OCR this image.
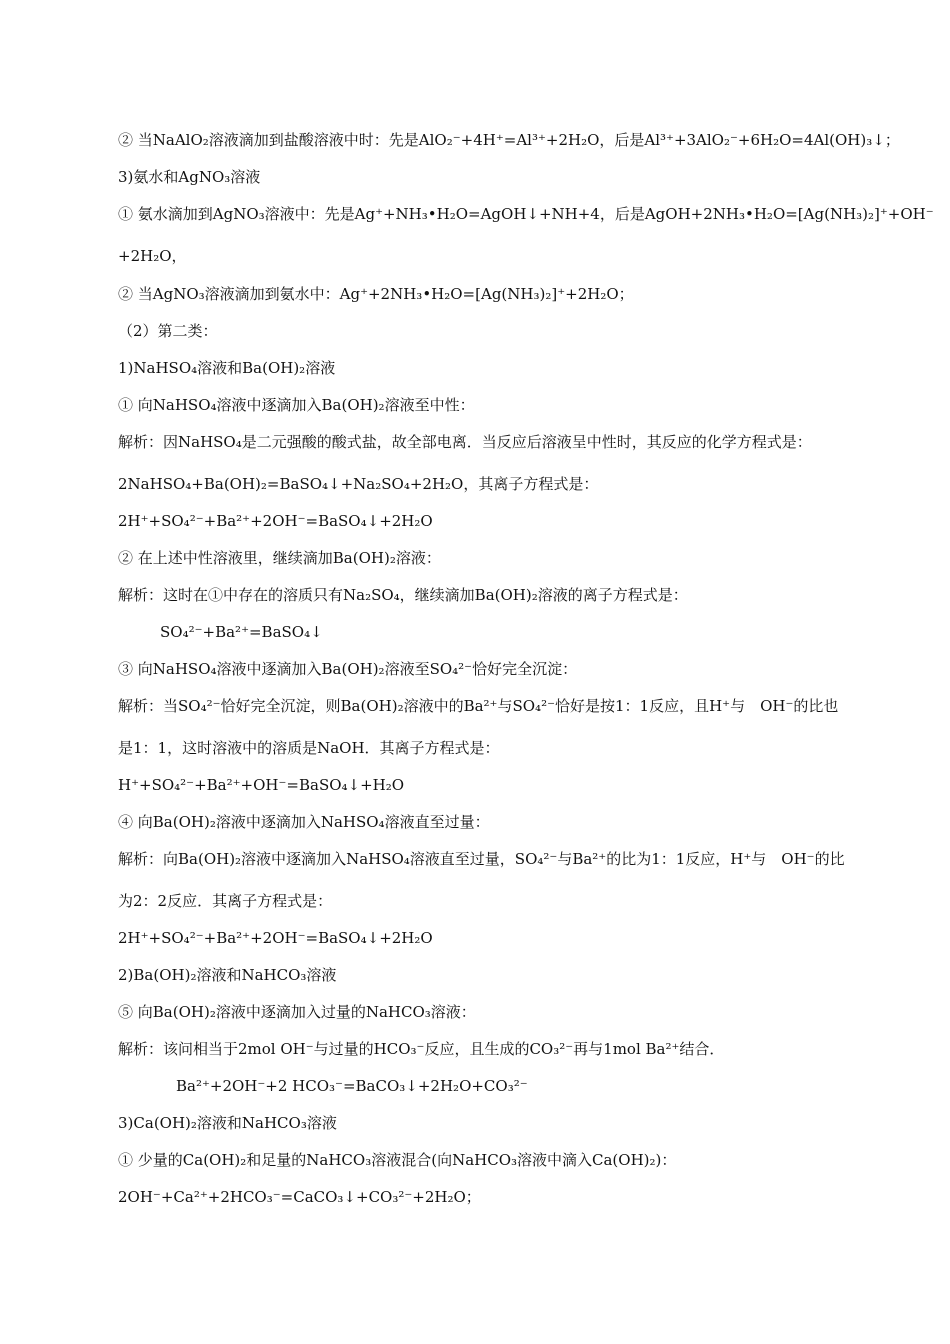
② 当NaAlO₂溶液滴加到盐酸溶液中时：先是AlO₂⁻+4H⁺=Al³⁺+2H₂O，后是Al³⁺+3AlO₂⁻+6H₂O=4Al(OH)₃↓；
3)氨水和AgNO₃溶液
① 氨水滴加到AgNO₃溶液中：先是Ag⁺+NH₃•H₂O=AgOH↓+NH+4，后是AgOH+2NH₃•H₂O=[Ag(NH₃)₂]⁺+OH⁻
+2H₂O，
② 当AgNO₃溶液滴加到氨水中：Ag⁺+2NH₃•H₂O=[Ag(NH₃)₂]⁺+2H₂O；
（2）第二类：
1)NaHSO₄溶液和Ba(OH)₂溶液
① 向NaHSO₄溶液中逐滴加入Ba(OH)₂溶液至中性：
解析：因NaHSO₄是二元强酸的酸式盐，故全部电离．当反应后溶液呈中性时，其反应的化学方程式是：
2NaHSO₄+Ba(OH)₂=BaSO₄↓+Na₂SO₄+2H₂O，其离子方程式是：
2H⁺+SO₄²⁻+Ba²⁺+2OH⁻=BaSO₄↓+2H₂O
② 在上述中性溶液里，继续滴加Ba(OH)₂溶液：
解析：这时在①中存在的溶质只有Na₂SO₄，继续滴加Ba(OH)₂溶液的离子方程式是：
SO₄²⁻+Ba²⁺=BaSO₄↓
③ 向NaHSO₄溶液中逐滴加入Ba(OH)₂溶液至SO₄²⁻恰好完全沉淀：
解析：当SO₄²⁻恰好完全沉淀，则Ba(OH)₂溶液中的Ba²⁺与SO₄²⁻恰好是按1：1反应，且H⁺与　OH⁻的比也
是1：1，这时溶液中的溶质是NaOH．其离子方程式是：
H⁺+SO₄²⁻+Ba²⁺+OH⁻=BaSO₄↓+H₂O
④ 向Ba(OH)₂溶液中逐滴加入NaHSO₄溶液直至过量：
解析：向Ba(OH)₂溶液中逐滴加入NaHSO₄溶液直至过量，SO₄²⁻与Ba²⁺的比为1：1反应，H⁺与　OH⁻的比
为2：2反应．其离子方程式是：
2H⁺+SO₄²⁻+Ba²⁺+2OH⁻=BaSO₄↓+2H₂O
2)Ba(OH)₂溶液和NaHCO₃溶液
⑤ 向Ba(OH)₂溶液中逐滴加入过量的NaHCO₃溶液：
解析：该问相当于2mol OH⁻与过量的HCO₃⁻反应，且生成的CO₃²⁻再与1mol Ba²⁺结合．
Ba²⁺+2OH⁻+2 HCO₃⁻=BaCO₃↓+2H₂O+CO₃²⁻
3)Ca(OH)₂溶液和NaHCO₃溶液
① 少量的Ca(OH)₂和足量的NaHCO₃溶液混合(向NaHCO₃溶液中滴入Ca(OH)₂)：
2OH⁻+Ca²⁺+2HCO₃⁻=CaCO₃↓+CO₃²⁻+2H₂O；
